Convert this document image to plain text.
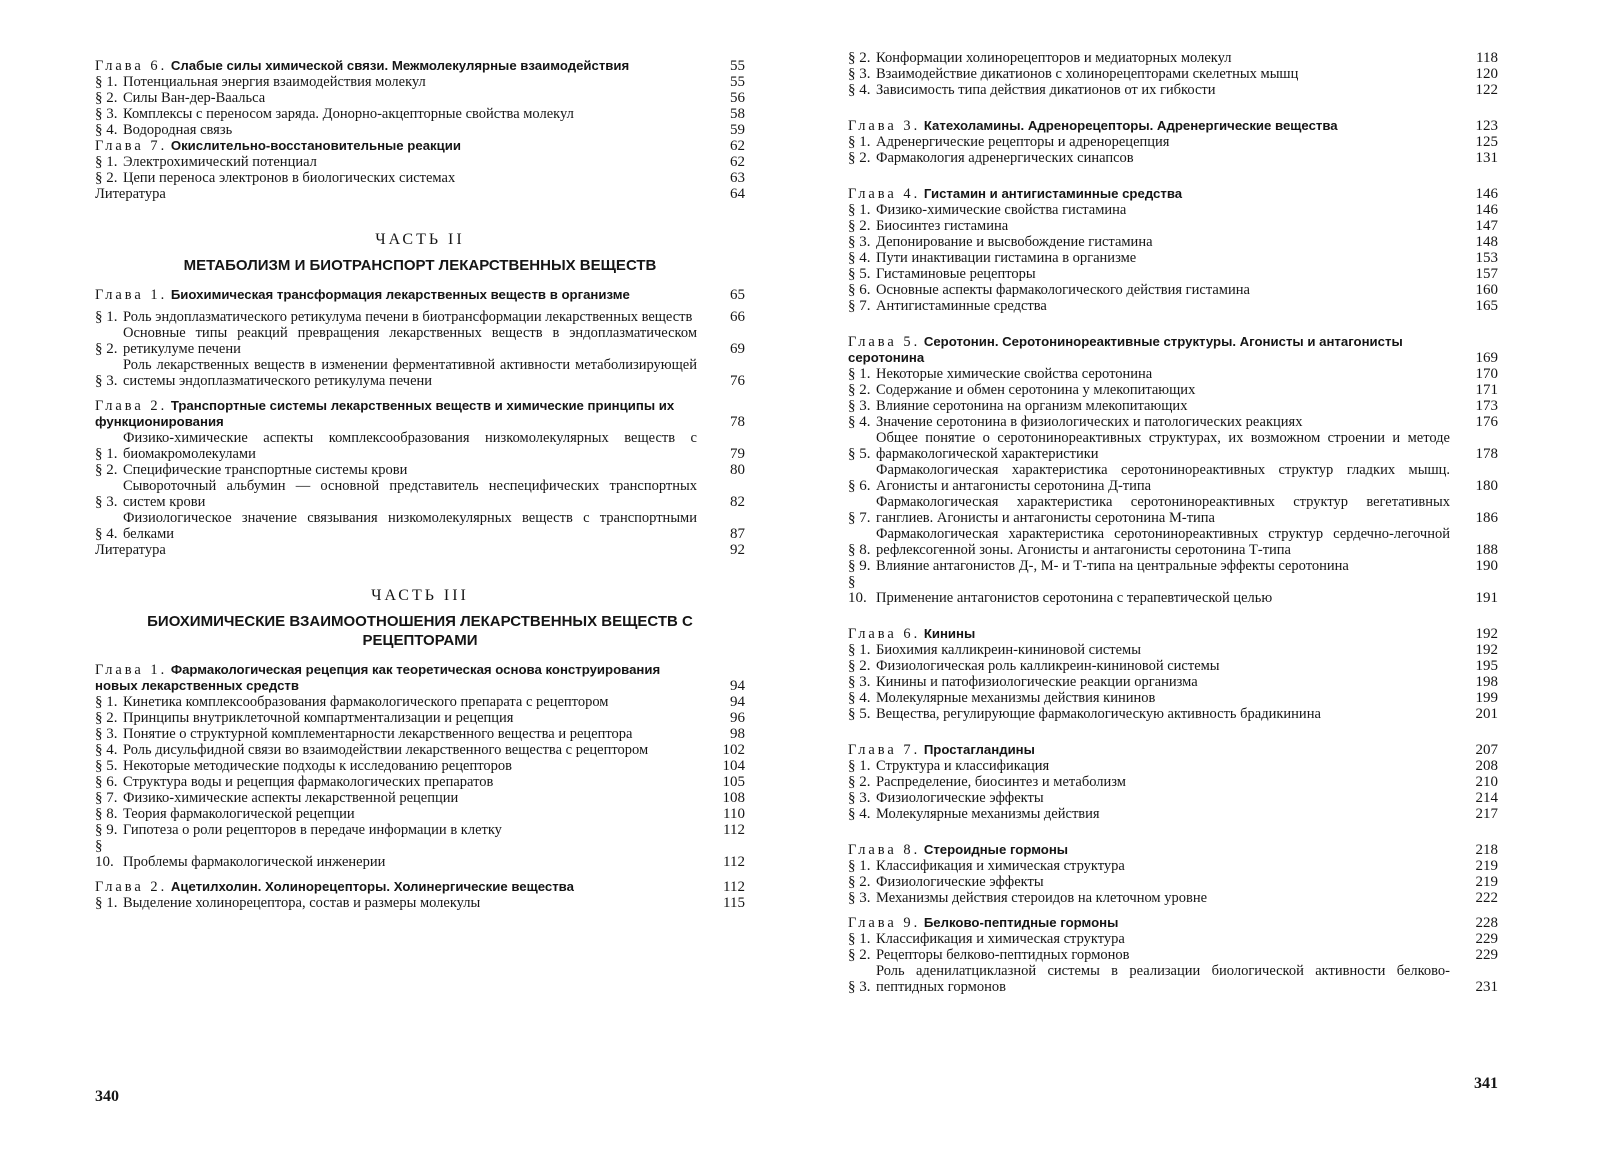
Глава 6. Слабые силы химической связи. Межмолекулярные взаимодействия	55
§ 1. Потенциальная энергия взаимодействия молекул	55
§ 2. Силы Ван-дер-Ваальса	56
§ 3. Комплексы с переносом заряда. Донорно-акцепторные свойства молекул	58
§ 4. Водородная связь	59
Глава 7. Окислительно-восстановительные реакции	62
§ 1. Электрохимический потенциал	62
§ 2. Цепи переноса электронов в биологических системах	63
Литература	64
ЧАСТЬ II
МЕТАБОЛИЗМ И БИОТРАНСПОРТ ЛЕКАРСТВЕННЫХ ВЕЩЕСТВ
Глава 1. Биохимическая трансформация лекарственных веществ в организме	65
§ 1. Роль эндоплазматического ретикулума печени в биотрансформации лекарственных веществ	66
§ 2.
Основные типы реакций превращения лекарственных веществ в эндоплазматическом ретикулуме печени	69
§ 3.
Роль лекарственных веществ в изменении ферментативной активности метаболизирующей системы эндоплазматического ретикулума печени	76
Глава 2. Транспортные системы лекарственных веществ и химические принципы их функционирования	78
§ 1.
Физико-химические аспекты комплексообразования низкомолекулярных веществ с биомакромолекулами	79
§ 2. Специфические транспортные системы крови	80
§ 3.
Сывороточный альбумин — основной представитель неспецифических транспортных систем крови	82
§ 4.
Физиологическое значение связывания низкомолекулярных веществ с транспортными белками	87
Литература	92
ЧАСТЬ III
БИОХИМИЧЕСКИЕ ВЗАИМООТНОШЕНИЯ ЛЕКАРСТВЕННЫХ ВЕЩЕСТВ С РЕЦЕПТОРАМИ
Глава 1. Фармакологическая рецепция как теоретическая основа конструирования новых лекарственных средств	94
§ 1. Кинетика комплексообразования фармакологического препарата с рецептором	94
§ 2. Принципы внутриклеточной компартментализации и рецепция	96
§ 3. Понятие о структурной комплементарности лекарственного вещества и рецептора	98
§ 4. Роль дисульфидной связи во взаимодействии лекарственного вещества с рецептором	102
§ 5. Некоторые методические подходы к исследованию рецепторов	104
§ 6. Структура воды и рецепция фармакологических препаратов	105
§ 7. Физико-химические аспекты лекарственной рецепции	108
§ 8. Теория фармакологической рецепции	110
§ 9. Гипотеза о роли рецепторов в передаче информации в клетку	112
§ 10. Проблемы фармакологической инженерии	112
Глава 2. Ацетилхолин. Холинорецепторы. Холинергические вещества	112
§ 1. Выделение холинорецептора, состав и размеры молекулы	115
340
§ 2. Конформации холинорецепторов и медиаторных молекул	118
§ 3. Взаимодействие дикатионов с холинорецепторами скелетных мышц	120
§ 4. Зависимость типа действия дикатионов от их гибкости	122
Глава 3. Катехоламины. Адренорецепторы. Адренергические вещества	123
§ 1. Адренергические рецепторы и адренорецепция	125
§ 2. Фармакология адренергических синапсов	131
Глава 4. Гистамин и антигистаминные средства	146
§ 1. Физико-химические свойства гистамина	146
§ 2. Биосинтез гистамина	147
§ 3. Депонирование и высвобождение гистамина	148
§ 4. Пути инактивации гистамина в организме	153
§ 5. Гистаминовые рецепторы	157
§ 6. Основные аспекты фармакологического действия гистамина	160
§ 7. Антигистаминные средства	165
Глава 5. Серотонин. Серотонинореактивные структуры. Агонисты и антагонисты серотонина	169
§ 1. Некоторые химические свойства серотонина	170
§ 2. Содержание и обмен серотонина у млекопитающих	171
§ 3. Влияние серотонина на организм млекопитающих	173
§ 4. Значение серотонина в физиологических и патологических реакциях	176
§ 5.
Общее понятие о серотонинореактивных структурах, их возможном строении и методе фармакологической характеристики	178
§ 6.
Фармакологическая характеристика серотонинореактивных структур гладких мышц. Агонисты и антагонисты серотонина Д-типа	180
§ 7.
Фармакологическая характеристика серотонинореактивных структур вегетативных ганглиев. Агонисты и антагонисты серотонина М-типа	186
§ 8.
Фармакологическая характеристика серотонинореактивных структур сердечно-легочной рефлексогенной зоны. Агонисты и антагонисты серотонина Т-типа	188
§ 9. Влияние антагонистов Д-, М- и Т-типа на центральные эффекты серотонина	190
§ 10. Применение антагонистов серотонина с терапевтической целью	191
Глава 6. Кинины	192
§ 1. Биохимия калликреин-кининовой системы	192
§ 2. Физиологическая роль калликреин-кининовой системы	195
§ 3. Кинины и патофизиологические реакции организма	198
§ 4. Молекулярные механизмы действия кининов	199
§ 5. Вещества, регулирующие фармакологическую активность брадикинина	201
Глава 7. Простагландины	207
§ 1. Структура и классификация	208
§ 2. Распределение, биосинтез и метаболизм	210
§ 3. Физиологические эффекты	214
§ 4. Молекулярные механизмы действия	217
Глава 8. Стероидные гормоны	218
§ 1. Классификация и химическая структура	219
§ 2. Физиологические эффекты	219
§ 3. Механизмы действия стероидов на клеточном уровне	222
Глава 9. Белково-пептидные гормоны	228
§ 1. Классификация и химическая структура	229
§ 2. Рецепторы белково-пептидных гормонов	229
§ 3.
Роль аденилатциклазной системы в реализации биологической активности белково-пептидных гормонов	231
341
